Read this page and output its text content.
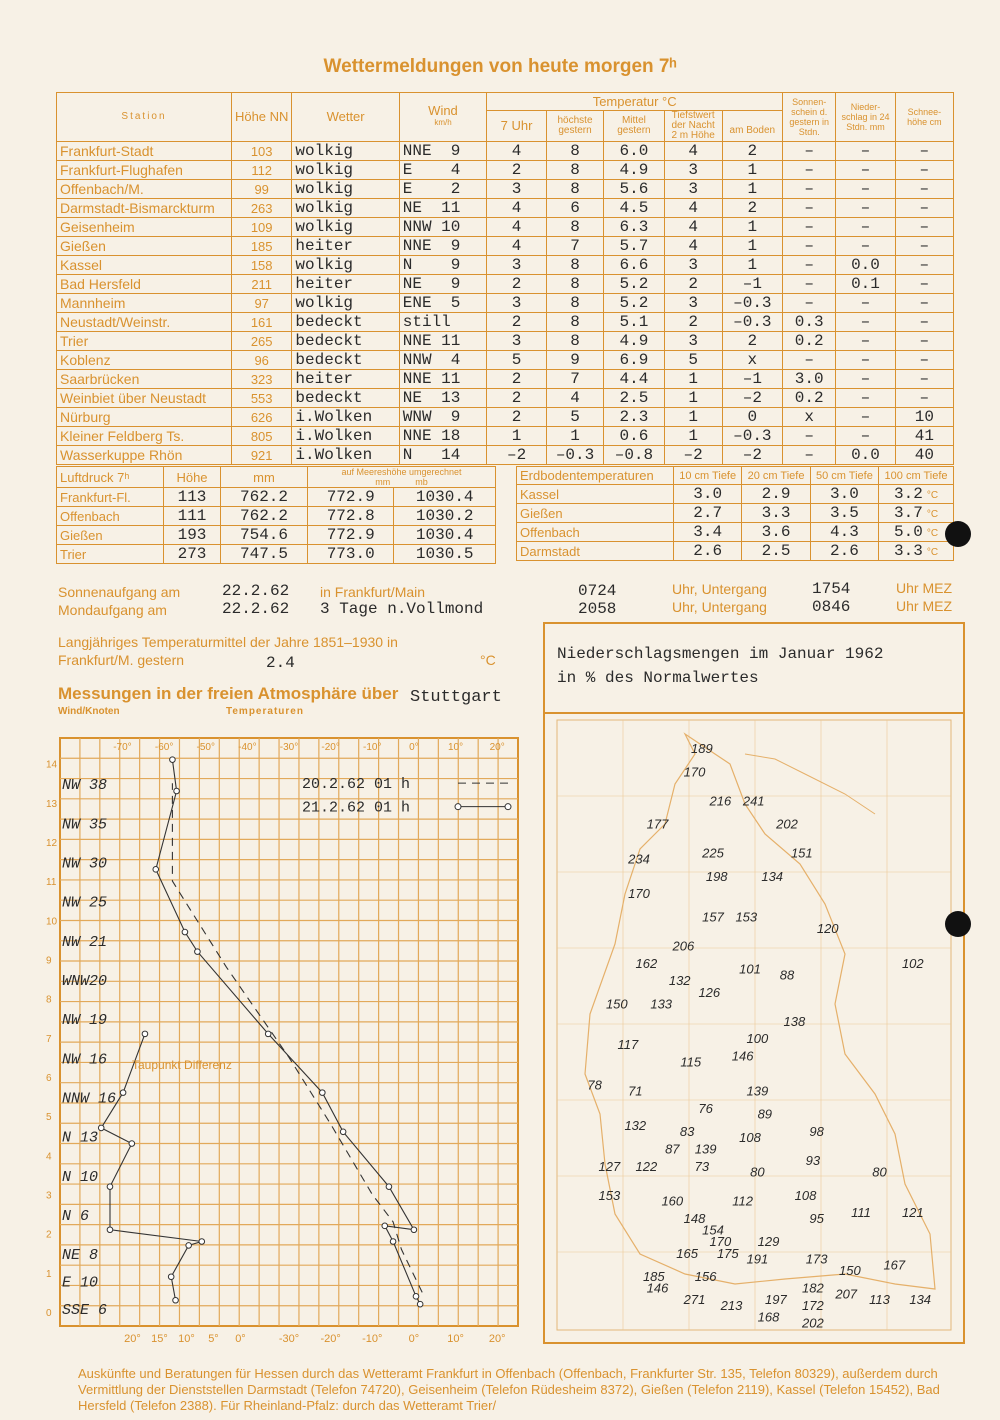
Wettermeldungen von heute morgen 7ʰ
Station	Höhe NN	Wetter	Wind
km/h	Temperatur °C					Sonnen-schein d. gestern in Stdn.	Nieder-schlag in 24 Stdn. mm	Schnee-höhe cm
				7 Uhr	höchste gestern	Mittel gestern	Tiefstwert der Nacht
2 m Höhe	am Boden			
Frankfurt-Stadt	103	wolkig	NNE  9	4	8	6.0	4	2	–	–	–
Frankfurt-Flughafen	112	wolkig	E    4	2	8	4.9	3	1	–	–	–
Offenbach/M.	99	wolkig	E    2	3	8	5.6	3	1	–	–	–
Darmstadt-Bismarckturm	263	wolkig	NE  11	4	6	4.5	4	2	–	–	–
Geisenheim	109	wolkig	NNW 10	4	8	6.3	4	1	–	–	–
Gießen	185	heiter	NNE  9	4	7	5.7	4	1	–	–	–
Kassel	158	wolkig	N    9	3	8	6.6	3	1	–	0.0	–
Bad Hersfeld	211	heiter	NE   9	2	8	5.2	2	–1	–	0.1	–
Mannheim	97	wolkig	ENE  5	3	8	5.2	3	–0.3	–	–	–
Neustadt/Weinstr.	161	bedeckt	still	2	8	5.1	2	–0.3	0.3	–	–
Trier	265	bedeckt	NNE 11	3	8	4.9	3	2	0.2	–	–
Koblenz	96	bedeckt	NNW  4	5	9	6.9	5	x	–	–	–
Saarbrücken	323	heiter	NNE 11	2	7	4.4	1	–1	3.0	–	–
Weinbiet über Neustadt	553	bedeckt	NE  13	2	4	2.5	1	–2	0.2	–	–
Nürburg	626	i.Wolken	WNW  9	2	5	2.3	1	0	x	–	10
Kleiner Feldberg Ts.	805	i.Wolken	NNE 18	1	1	0.6	1	–0.3	–	–	41
Wasserkuppe Rhön	921	i.Wolken	N   14	–2	–0.3	–0.8	–2	–2	–	0.0	40
Luftdruck 7ʰ	Höhe	mm	auf Meereshöhe umgerechnet
mm mb	
Frankfurt-Fl.	113	762.2	772.9	1030.4
Offenbach	111	762.2	772.8	1030.2
Gießen	193	754.6	772.9	1030.4
Trier	273	747.5	773.0	1030.5
Erdbodentemperaturen	10 cm Tiefe	20 cm Tiefe	50 cm Tiefe	100 cm Tiefe
Kassel	3.0	2.9	3.0	3.2 °C
Gießen	2.7	3.3	3.5	3.7 °C
Offenbach	3.4	3.6	4.3	5.0 °C
Darmstadt	2.6	2.5	2.6	3.3 °C
Sonnenaufgang am	22.2.62 in Frankfurt/Main	0724	Uhr, Untergang	1754	Uhr MEZ
Mondaufgang am	22.2.62 3 Tage n.Vollmond	2058	Uhr, Untergang	0846	Uhr MEZ
Langjähriges Temperaturmittel der Jahre 1851–1930 in
Frankfurt/M. gestern	2.4	°C
Messungen in der freien Atmosphäre über Stuttgart
Wind/Knoten	Temperaturen
-70° -60° -50° -40° -30° -20° -10°	0°	10°	20°
14
13
12
11
10
9
8
7
6
5
4
3
2
1
0
20° 15° 10° 5° 0°	-30° -20° -10° 0°	10° 20°
NW 38
NW 35
NW 30
NW 25
NW 21
WNW20
NW 19
NW 16
NNW 16
N 13
N 10
N 6
NE 8
E 10
SSE 6
20.2.62 01 h
21.2.62 01 h
Taupunkt Differenz
Niederschlagsmengen im Januar 1962
in % des Normalwertes
189
170
216 241
202
177
225	151
234
198	134
170
157 153
120
206
162	102
101 88
132
126
150 133
138
100
117
146
115
78 71	139
76	89
132	83	108	98
87 139
93
127 122	73	80	80
153	160	112	108
148	95 111 121
154
170 129
165 175 191	173	167
185 156	150
146	182 207
271 213 197 172	113 134
168 202
Auskünfte und Beratungen für Hessen durch das Wetteramt Frankfurt in Offenbach (Offenbach, Frankfurter Str. 135, Telefon 80329), außerdem durch Vermittlung der Dienststellen Darmstadt (Telefon 74720), Geisenheim (Telefon Rüdesheim 8372), Gießen (Telefon 2119), Kassel (Telefon 15452), Bad Hersfeld (Telefon 2388). Für Rheinland-Pfalz: durch das Wetteramt Trier/
